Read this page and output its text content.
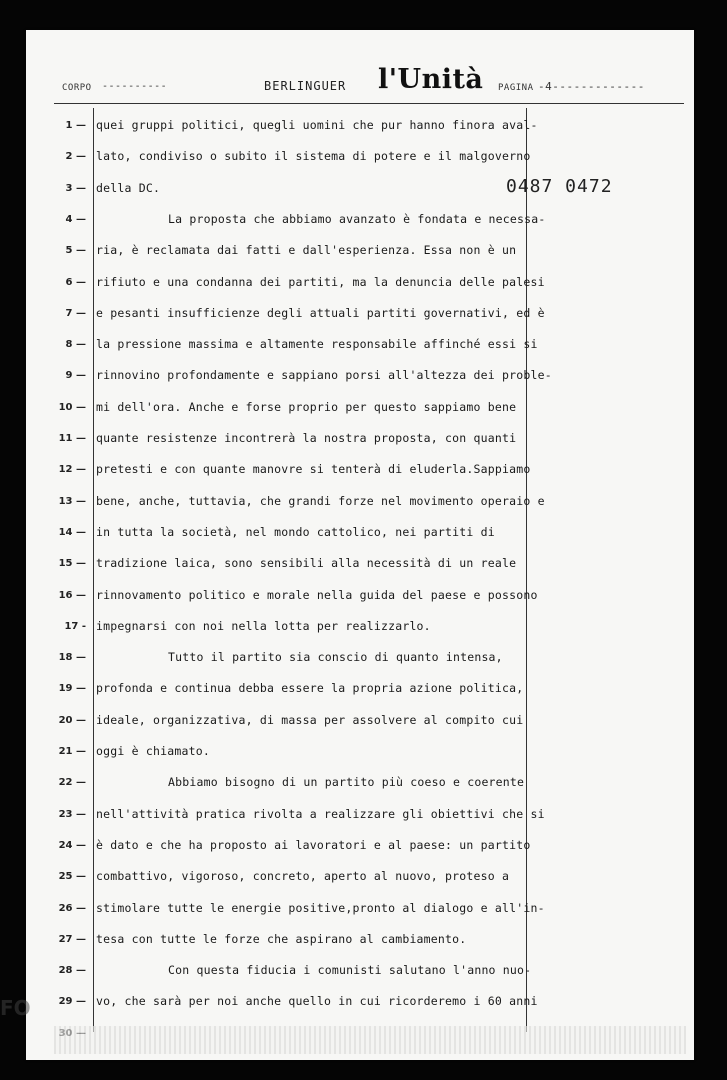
CORPO ----------	BERLINGUER l'Unità PAGINA -4-------------
0487 0472
1 — quei gruppi politici, quegli uomini che pur hanno finora aval-
2 — lato, condiviso o subito il sistema di potere e il malgoverno
3 — della DC.
4 —	La proposta che abbiamo avanzato è fondata e necessa-
5 — ria, è reclamata dai fatti e dall'esperienza. Essa non è un
6 — rifiuto e una condanna dei partiti, ma la denuncia delle palesi
7 — e pesanti insufficienze degli attuali partiti governativi, ed è
8 — la pressione massima e altamente responsabile affinché essi si
9 — rinnovino profondamente e sappiano porsi all'altezza dei proble-
10 — mi dell'ora. Anche e forse proprio per questo sappiamo bene
11 — quante resistenze incontrerà la nostra proposta, con quanti
12 — pretesti e con quante manovre si tenterà di eluderla.Sappiamo
13 — bene, anche, tuttavia, che grandi forze nel movimento operaio e
14 — in tutta la società, nel mondo cattolico, nei partiti di
15 — tradizione laica, sono sensibili alla necessità di un reale
16 — rinnovamento politico e morale nella guida del paese e possono
17 - impegnarsi con noi nella lotta per realizzarlo.
18 —	Tutto il partito sia conscio di quanto intensa,
19 — profonda e continua debba essere la propria azione politica,
20 — ideale, organizzativa, di massa per assolvere al compito cui
21 — oggi è chiamato.
22 —	Abbiamo bisogno di un partito più coeso e coerente
23 — nell'attività pratica rivolta a realizzare gli obiettivi che si
24 — è dato e che ha proposto ai lavoratori e al paese: un partito
25 — combattivo, vigoroso, concreto, aperto al nuovo, proteso a
26 — stimolare tutte le energie positive,pronto al dialogo e all'in-
27 — tesa con tutte le forze che aspirano al cambiamento.
28 —	Con questa fiducia i comunisti salutano l'anno nuo-
29 — vo, che sarà per noi anche quello in cui ricorderemo i 60 anni
FO
